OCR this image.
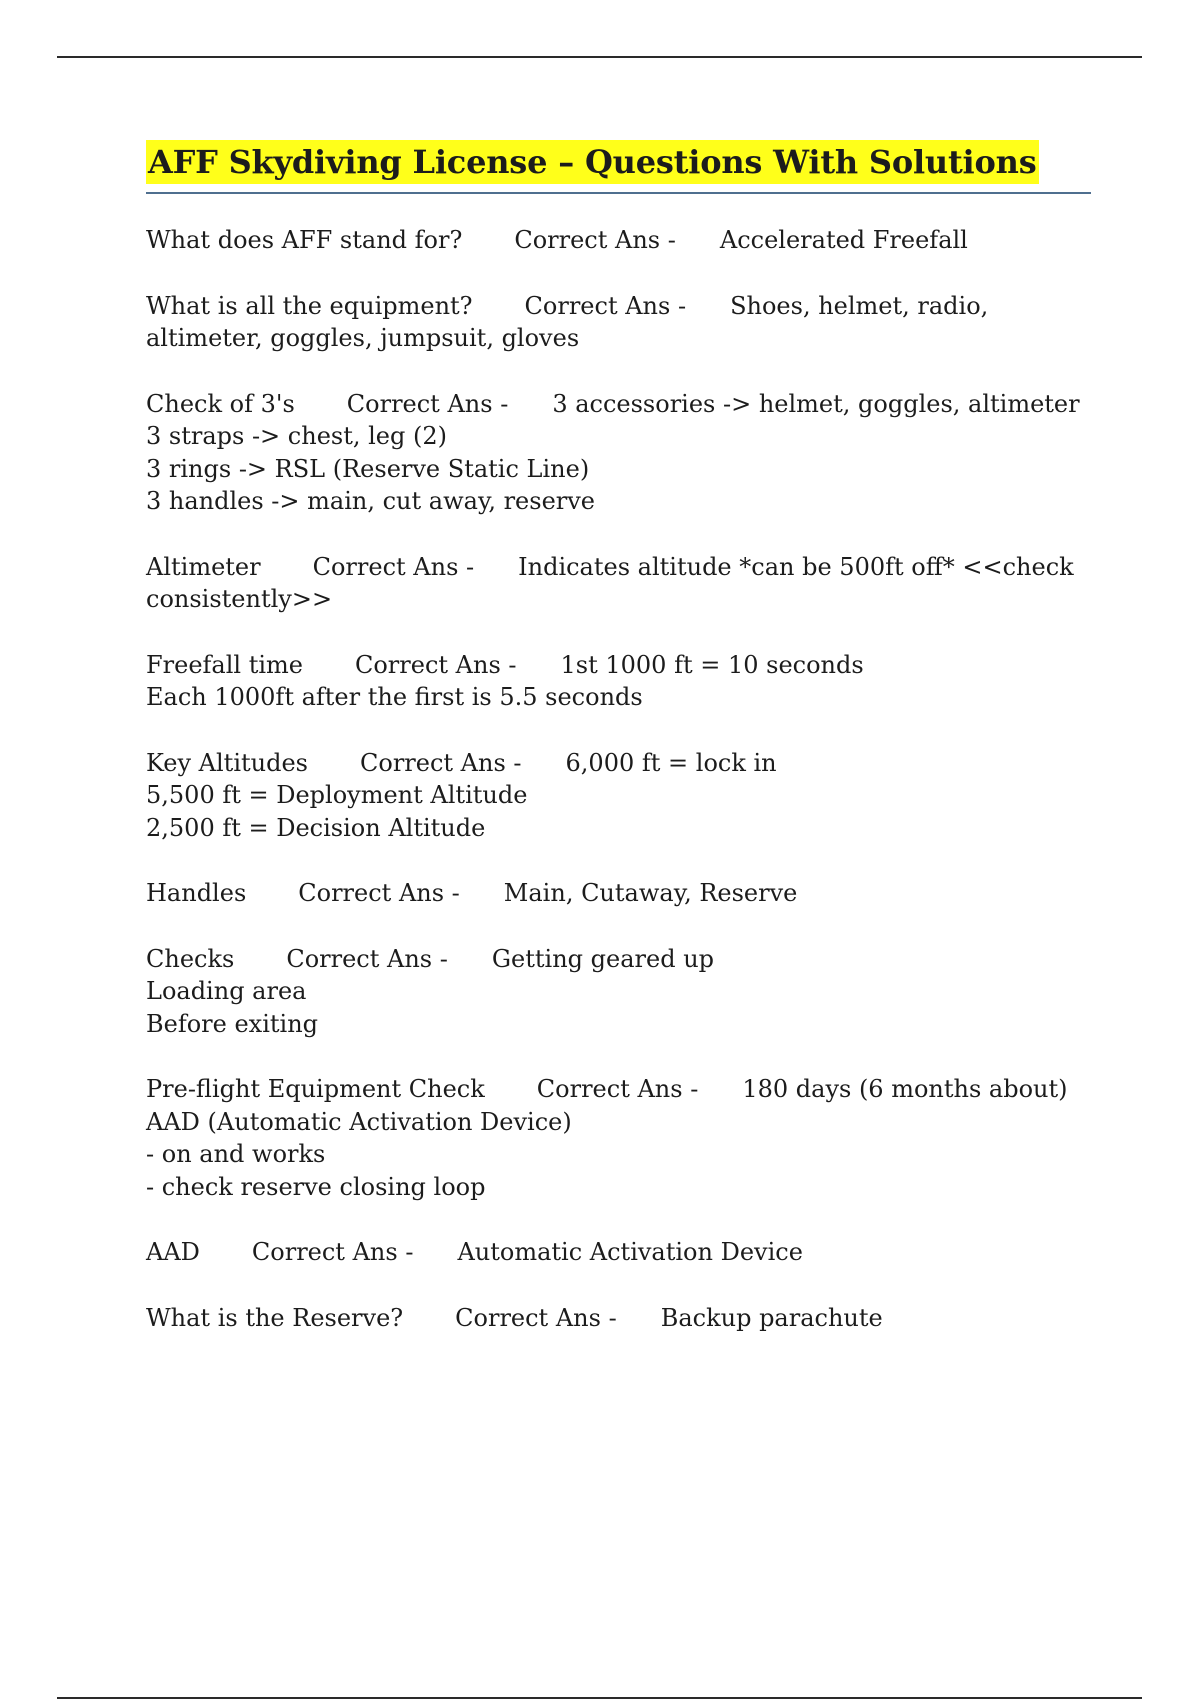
AFF Skydiving License – Questions With Solutions
What does AFF stand for? Correct Ans - Accelerated Freefall
What is all the equipment? Correct Ans - Shoes, helmet, radio, altimeter, goggles, jumpsuit, gloves
Check of 3's Correct Ans - 3 accessories -> helmet, goggles, altimeter
3 straps -> chest, leg (2)
3 rings -> RSL (Reserve Static Line)
3 handles -> main, cut away, reserve
Altimeter Correct Ans - Indicates altitude *can be 500ft off* <<check consistently>>
Freefall time Correct Ans - 1st 1000 ft = 10 seconds
Each 1000ft after the first is 5.5 seconds
Key Altitudes Correct Ans - 6,000 ft = lock in
5,500 ft = Deployment Altitude
2,500 ft = Decision Altitude
Handles Correct Ans - Main, Cutaway, Reserve
Checks Correct Ans - Getting geared up
Loading area
Before exiting
Pre-flight Equipment Check Correct Ans - 180 days (6 months about)
AAD (Automatic Activation Device)
- on and works
- check reserve closing loop
AAD Correct Ans - Automatic Activation Device
What is the Reserve? Correct Ans - Backup parachute
